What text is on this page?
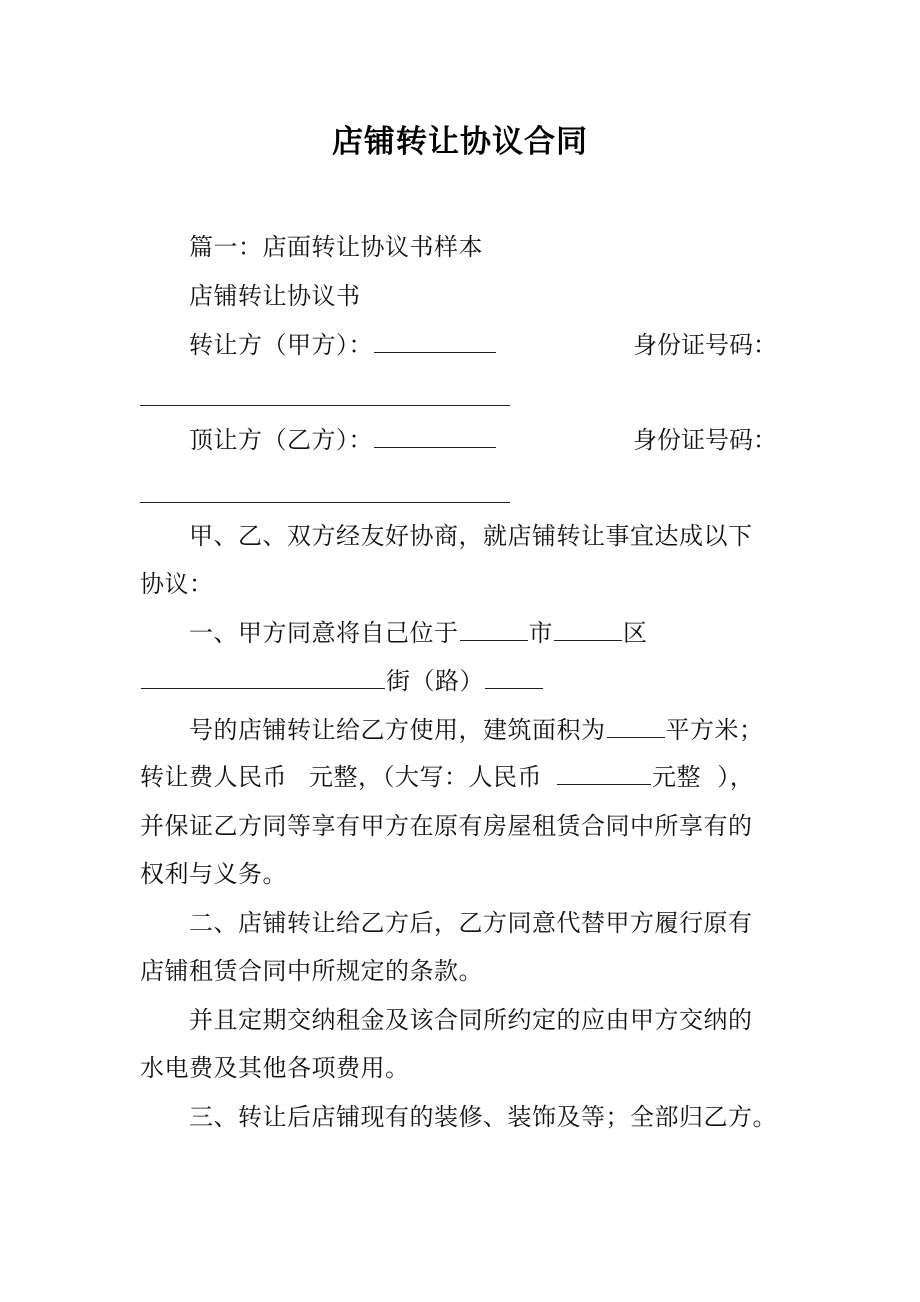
店铺转让协议合同
篇一：店面转让协议书样本
店铺转让协议书
转让方（甲方）：	身份证号码：
顶让方（乙方）：	身份证号码：
甲、乙、双方经友好协商，就店铺转让事宜达成以下
协议：
一、甲方同意将自己位于	市	区
街（路）
号的店铺转让给乙方使用，建筑面积为	平方米；
转让费人民币 元整，（大写：人民币	元整  ），
并保证乙方同等享有甲方在原有房屋租赁合同中所享有的
权利与义务。
二、店铺转让给乙方后，乙方同意代替甲方履行原有
店铺租赁合同中所规定的条款。
并且定期交纳租金及该合同所约定的应由甲方交纳的
水电费及其他各项费用。
三、转让后店铺现有的装修、装饰及等；全部归乙方。
